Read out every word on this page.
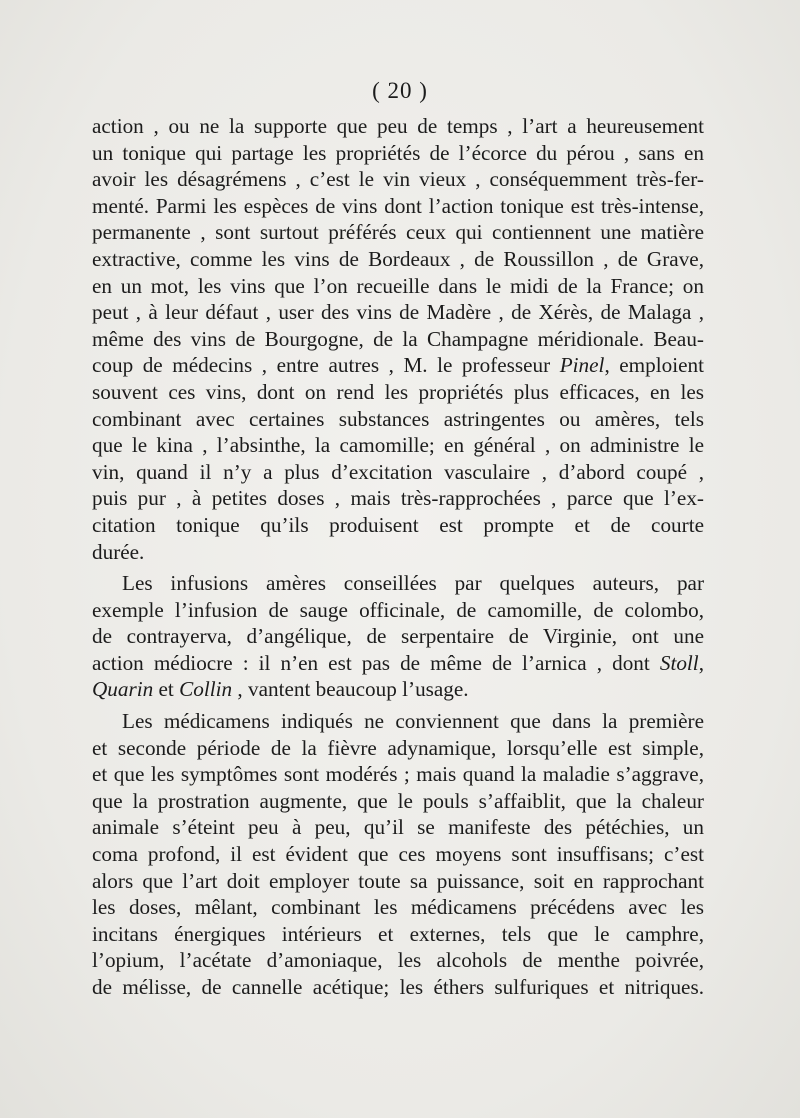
( 20 )
action , ou ne la supporte que peu de temps , l’art a heureusement
un tonique qui partage les propriétés de l’écorce du pérou , sans en
avoir les désagrémens , c’est le vin vieux , conséquemment très-fer-
menté. Parmi les espèces de vins dont l’action tonique est très-intense,
permanente , sont surtout préférés ceux qui contiennent une matière
extractive, comme les vins de Bordeaux , de Roussillon , de Grave,
en un mot, les vins que l’on recueille dans le midi de la France; on
peut , à leur défaut , user des vins de Madère , de Xérès, de Malaga ,
même des vins de Bourgogne, de la Champagne méridionale. Beau-
coup de médecins , entre autres , M. le professeur Pinel, emploient
souvent ces vins, dont on rend les propriétés plus efficaces, en les
combinant avec certaines substances astringentes ou amères, tels
que le kina , l’absinthe, la camomille; en général , on administre le
vin, quand il n’y a plus d’excitation vasculaire , d’abord coupé ,
puis pur , à petites doses , mais très-rapprochées , parce que l’ex-
citation tonique qu’ils produisent est prompte et de courte
durée.
Les infusions amères conseillées par quelques auteurs, par
exemple l’infusion de sauge officinale, de camomille, de colombo,
de contrayerva, d’angélique, de serpentaire de Virginie, ont une
action médiocre : il n’en est pas de même de l’arnica , dont Stoll,
Quarin et Collin , vantent beaucoup l’usage.
Les médicamens indiqués ne conviennent que dans la première
et seconde période de la fièvre adynamique, lorsqu’elle est simple,
et que les symptômes sont modérés ; mais quand la maladie s’aggrave,
que la prostration augmente, que le pouls s’affaiblit, que la chaleur
animale s’éteint peu à peu, qu’il se manifeste des pétéchies, un
coma profond, il est évident que ces moyens sont insuffisans; c’est
alors que l’art doit employer toute sa puissance, soit en rapprochant
les doses, mêlant, combinant les médicamens précédens avec les
incitans énergiques intérieurs et externes, tels que le camphre,
l’opium, l’acétate d’amoniaque, les alcohols de menthe poivrée,
de mélisse, de cannelle acétique; les éthers sulfuriques et nitriques.
